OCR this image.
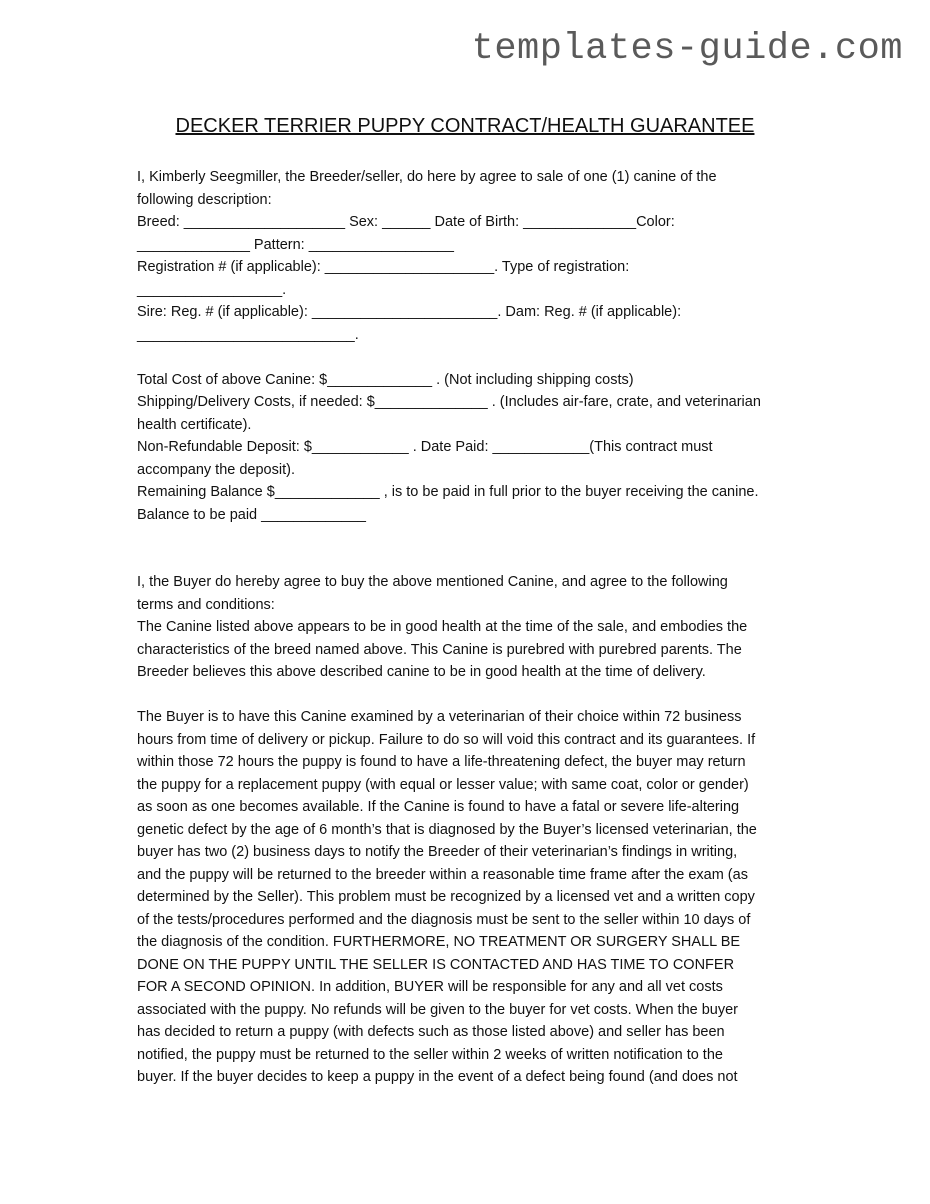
templates-guide.com
DECKER TERRIER PUPPY CONTRACT/HEALTH GUARANTEE

I, Kimberly Seegmiller, the Breeder/seller, do here by agree to sale of one (1) canine of the

following description:

Breed: ____________________ Sex: ______ Date of Birth: ______________Color:

______________ Pattern: __________________

Registration # (if applicable): _____________________. Type of registration:

__________________.

Sire: Reg. # (if applicable): _______________________. Dam: Reg. # (if applicable):

___________________________.

Total Cost of above Canine: $_____________ . (Not including shipping costs)

Shipping/Delivery Costs, if needed: $______________ . (Includes air-fare, crate, and veterinarian

health certificate).

Non-Refundable Deposit: $____________ . Date Paid: ____________(This contract must

accompany the deposit).

Remaining Balance $_____________ , is to be paid in full prior to the buyer receiving the canine.

Balance to be paid _____________

I, the Buyer do hereby agree to buy the above mentioned Canine, and agree to the following

terms and conditions:

The Canine listed above appears to be in good health at the time of the sale, and embodies the

characteristics of the breed named above. This Canine is purebred with purebred parents. The

Breeder believes this above described canine to be in good health at the time of delivery.

The Buyer is to have this Canine examined by a veterinarian of their choice within 72 business

hours from time of delivery or pickup. Failure to do so will void this contract and its guarantees. If

within those 72 hours the puppy is found to have a life-threatening defect, the buyer may return

the puppy for a replacement puppy (with equal or lesser value; with same coat, color or gender)

as soon as one becomes available. If the Canine is found to have a fatal or severe life-altering

genetic defect by the age of 6 month’s that is diagnosed by the Buyer’s licensed veterinarian, the

buyer has two (2) business days to notify the Breeder of their veterinarian’s findings in writing,

and the puppy will be returned to the breeder within a reasonable time frame after the exam (as

determined by the Seller). This problem must be recognized by a licensed vet and a written copy

of the tests/procedures performed and the diagnosis must be sent to the seller within 10 days of

the diagnosis of the condition. FURTHERMORE, NO TREATMENT OR SURGERY SHALL BE

DONE ON THE PUPPY UNTIL THE SELLER IS CONTACTED AND HAS TIME TO CONFER

FOR A SECOND OPINION. In addition, BUYER will be responsible for any and all vet costs

associated with the puppy. No refunds will be given to the buyer for vet costs. When the buyer

has decided to return a puppy (with defects such as those listed above) and seller has been

notified, the puppy must be returned to the seller within 2 weeks of written notification to the

buyer. If the buyer decides to keep a puppy in the event of a defect being found (and does not
